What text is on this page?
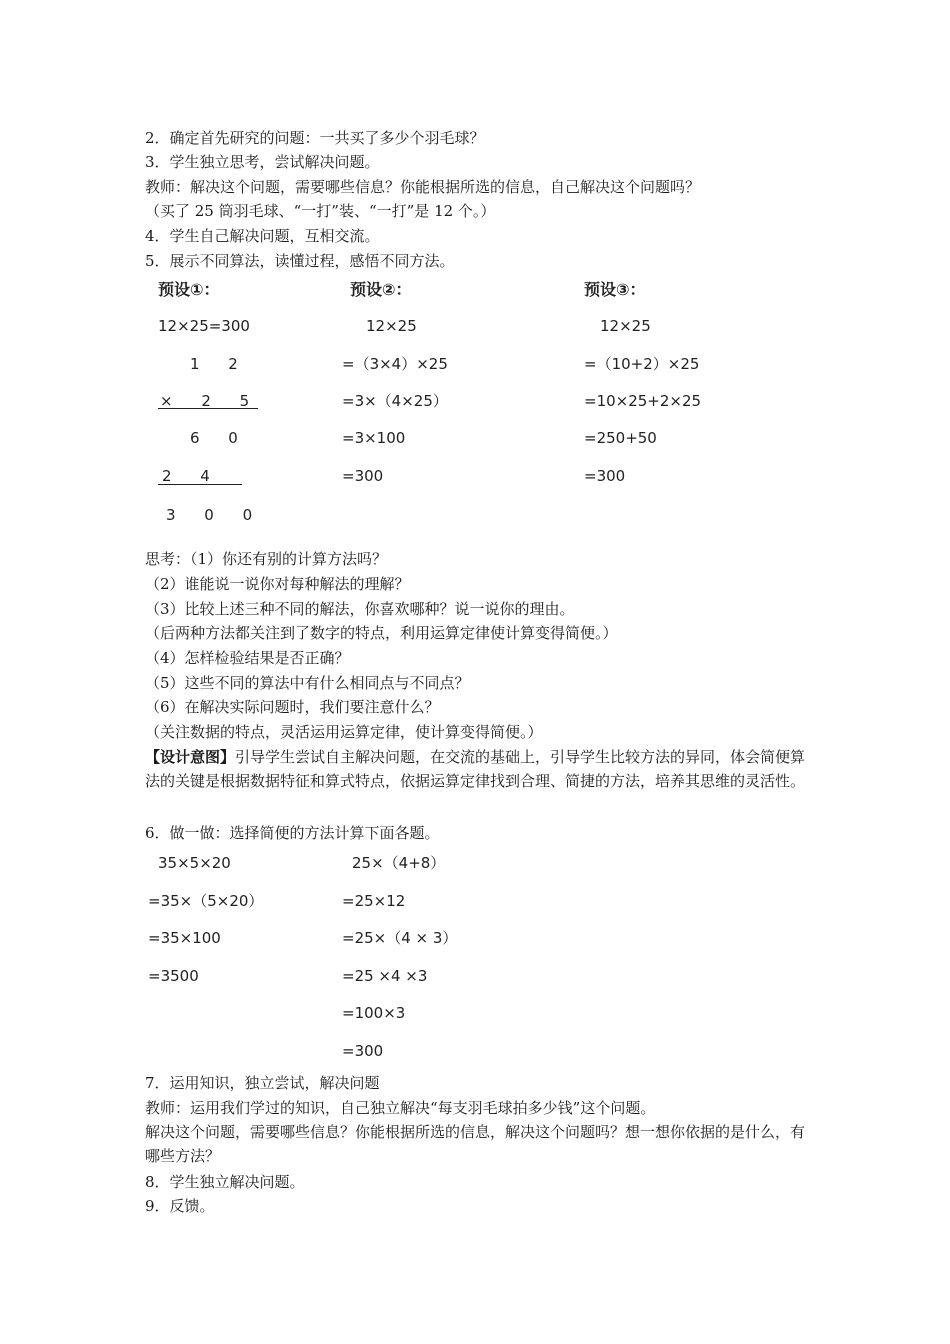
2．确定首先研究的问题：一共买了多少个羽毛球？
3．学生独立思考，尝试解决问题。
教师：解决这个问题，需要哪些信息？你能根据所选的信息，自己解决这个问题吗？
（买了 25 筒羽毛球、“一打”装、“一打”是 12 个。）
4．学生自己解决问题，互相交流。
5．展示不同算法，读懂过程，感悟不同方法。
预设①：
12×25=300
1 2
× 2 5
6 0
2 4
3 0 0
预设②：
12×25
=（3×4）×25
=3×（4×25）
=3×100
=300
预设③：
12×25
=（10+2）×25
=10×25+2×25
=250+50
=300
思考：（1）你还有别的计算方法吗？
（2）谁能说一说你对每种解法的理解？
（3）比较上述三种不同的解法，你喜欢哪种？说一说你的理由。
（后两种方法都关注到了数字的特点，利用运算定律使计算变得简便。）
（4）怎样检验结果是否正确？
（5）这些不同的算法中有什么相同点与不同点？
（6）在解决实际问题时，我们要注意什么？
（关注数据的特点，灵活运用运算定律，使计算变得简便。）
【设计意图】引导学生尝试自主解决问题，在交流的基础上，引导学生比较方法的异同，体会简便算法的关键是根据数据特征和算式特点，依据运算定律找到合理、简捷的方法，培养其思维的灵活性。
6．做一做：选择简便的方法计算下面各题。
35×5×20
=35×（5×20）
=35×100
=3500
25×（4+8）
=25×12
=25×（4 × 3）
=25 ×4 ×3
=100×3
=300
7．运用知识，独立尝试，解决问题
教师：运用我们学过的知识，自己独立解决“每支羽毛球拍多少钱”这个问题。
解决这个问题，需要哪些信息？你能根据所选的信息，解决这个问题吗？想一想你依据的是什么，有哪些方法？
8．学生独立解决问题。
9．反馈。
